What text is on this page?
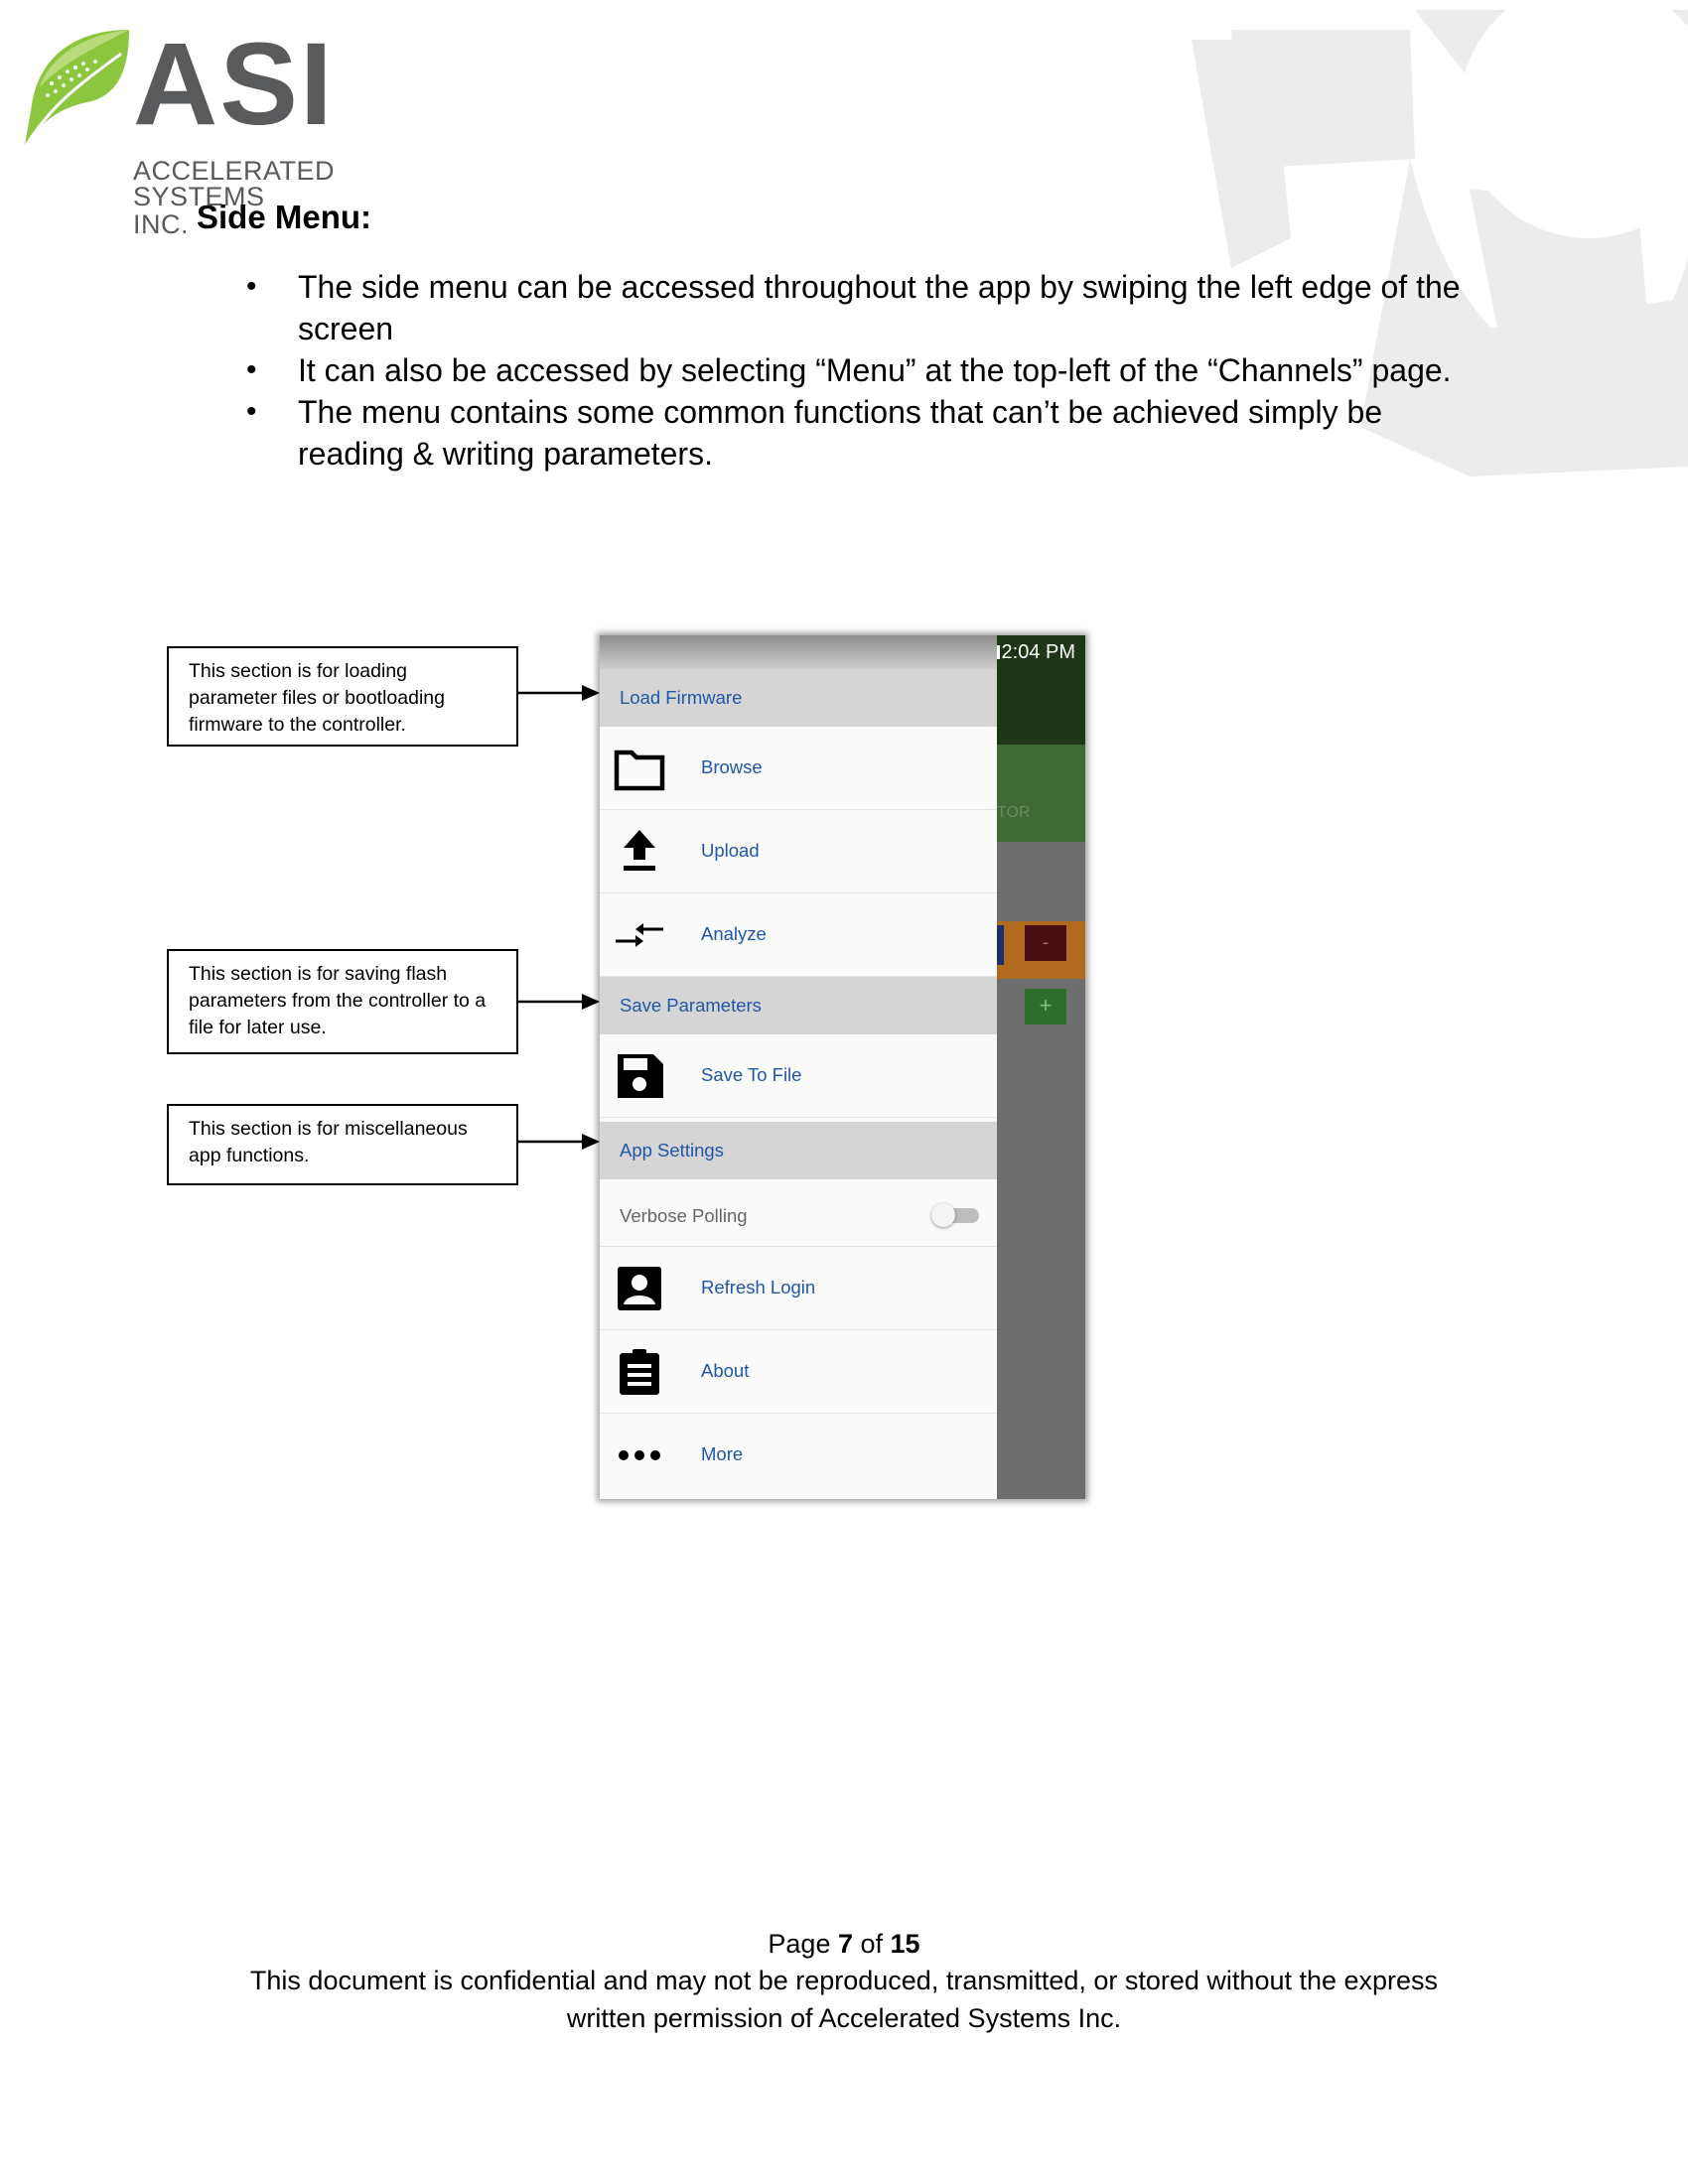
ASI
ACCELERATED
SYSTEMS INC. Side Menu:
• The side menu can be accessed throughout the app by swiping the left edge of the screen
• It can also be accessed by selecting “Menu” at the top-left of the “Channels” page.
• The menu contains some common functions that can’t be achieved simply be reading & writing parameters.
This section is for loading parameter files or bootloading firmware to the controller.
This section is for saving flash parameters from the controller to a file for later use.
This section is for miscellaneous app functions.
TOR
-
+
2:04 PM
Load Firmware
Browse
Upload
Analyze
Save Parameters
Save To File
App Settings
Verbose Polling
Refresh Login
About
More
Page 7 of 15
This document is confidential and may not be reproduced, transmitted, or stored without the express
written permission of Accelerated Systems Inc.
